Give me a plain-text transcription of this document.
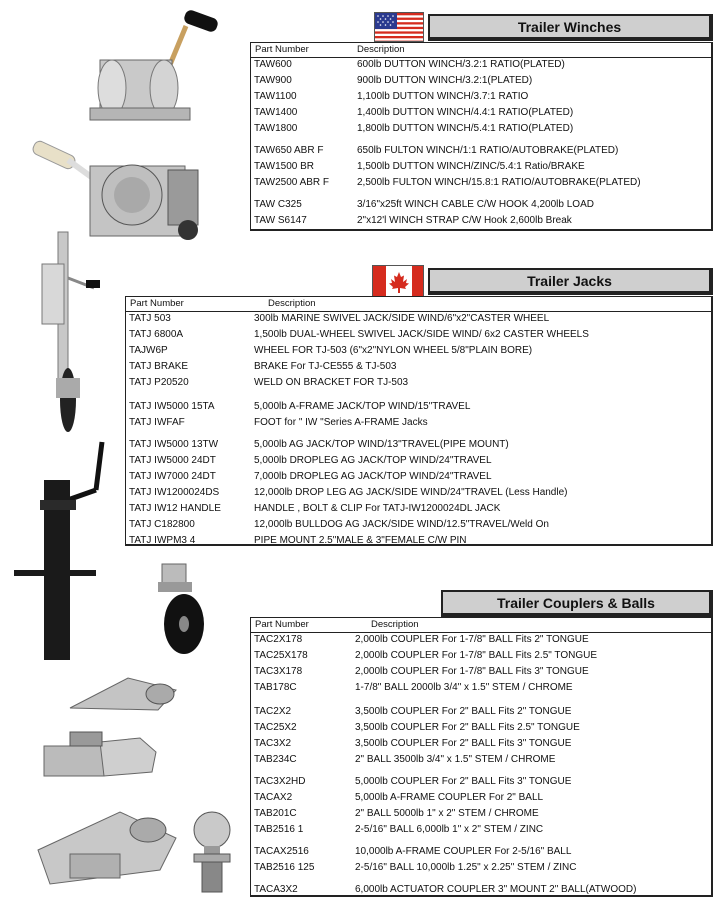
Trailer Winches
Part Number	Description
TAW600	600lb DUTTON WINCH/3.2:1 RATIO(PLATED)
TAW900	900lb DUTTON WINCH/3.2:1(PLATED)
TAW1100	1,100lb DUTTON WINCH/3.7:1 RATIO
TAW1400	1,400lb DUTTON WINCH/4.4:1 RATIO(PLATED)
TAW1800	1,800lb DUTTON WINCH/5.4:1 RATIO(PLATED)
TAW650 ABR F	650lb FULTON WINCH/1:1 RATIO/AUTOBRAKE(PLATED)
TAW1500 BR	1,500lb DUTTON WINCH/ZINC/5.4:1 Ratio/BRAKE
TAW2500 ABR F	2,500lb FULTON WINCH/15.8:1 RATIO/AUTOBRAKE(PLATED)
TAW C325	3/16"x25ft WINCH CABLE C/W HOOK 4,200lb LOAD
TAW S6147	2"x12'l WINCH STRAP C/W Hook 2,600lb Break
Trailer Jacks
Part Number	Description
TATJ 503	300lb MARINE SWIVEL JACK/SIDE WIND/6"x2"CASTER WHEEL
TATJ 6800A	1,500lb DUAL-WHEEL SWIVEL JACK/SIDE WIND/ 6x2 CASTER WHEELS
TAJW6P	WHEEL FOR TJ-503 (6"x2"NYLON WHEEL 5/8"PLAIN BORE)
TATJ BRAKE	BRAKE For TJ-CE555 & TJ-503
TATJ P20520	WELD ON BRACKET FOR TJ-503
TATJ IW5000 15TA	5,000lb A-FRAME JACK/TOP WIND/15"TRAVEL
TATJ IWFAF	FOOT for " IW "Series A-FRAME Jacks
TATJ IW5000 13TW	5,000lb AG JACK/TOP WIND/13"TRAVEL(PIPE MOUNT)
TATJ IW5000 24DT	5,000lb DROPLEG AG JACK/TOP WIND/24"TRAVEL
TATJ IW7000 24DT	7,000lb DROPLEG AG JACK/TOP WIND/24"TRAVEL
TATJ IW1200024DS	12,000lb DROP LEG AG JACK/SIDE WIND/24"TRAVEL (Less Handle)
TATJ IW12 HANDLE	HANDLE , BOLT & CLIP For TATJ-IW1200024DL JACK
TATJ C182800	12,000lb BULLDOG AG JACK/SIDE WIND/12.5"TRAVEL/Weld On
TATJ IWPM3 4	PIPE MOUNT 2.5"MALE & 3"FEMALE C/W PIN
Trailer Couplers & Balls
Part Number	Description
TAC2X178	2,000lb COUPLER For 1-7/8" BALL Fits 2" TONGUE
TAC25X178	2,000lb COUPLER For 1-7/8" BALL Fits 2.5" TONGUE
TAC3X178	2,000lb COUPLER For 1-7/8" BALL Fits 3" TONGUE
TAB178C	1-7/8" BALL 2000lb 3/4" x 1.5" STEM / CHROME
TAC2X2	3,500lb COUPLER For 2" BALL Fits 2" TONGUE
TAC25X2	3,500lb COUPLER For 2" BALL Fits 2.5" TONGUE
TAC3X2	3,500lb COUPLER For 2" BALL Fits 3" TONGUE
TAB234C	2" BALL 3500lb 3/4" x 1.5" STEM / CHROME
TAC3X2HD	5,000lb COUPLER For 2" BALL Fits 3" TONGUE
TACAX2	5,000lb A-FRAME COUPLER For 2" BALL
TAB201C	2" BALL 5000lb 1" x 2" STEM / CHROME
TAB2516 1	2-5/16" BALL 6,000lb 1" x 2" STEM / ZINC
TACAX2516	10,000lb A-FRAME COUPLER For 2-5/16" BALL
TAB2516 125	2-5/16" BALL 10,000lb 1.25" x 2.25" STEM / ZINC
TACA3X2	6,000lb ACTUATOR COUPLER 3" MOUNT 2" BALL(ATWOOD)
